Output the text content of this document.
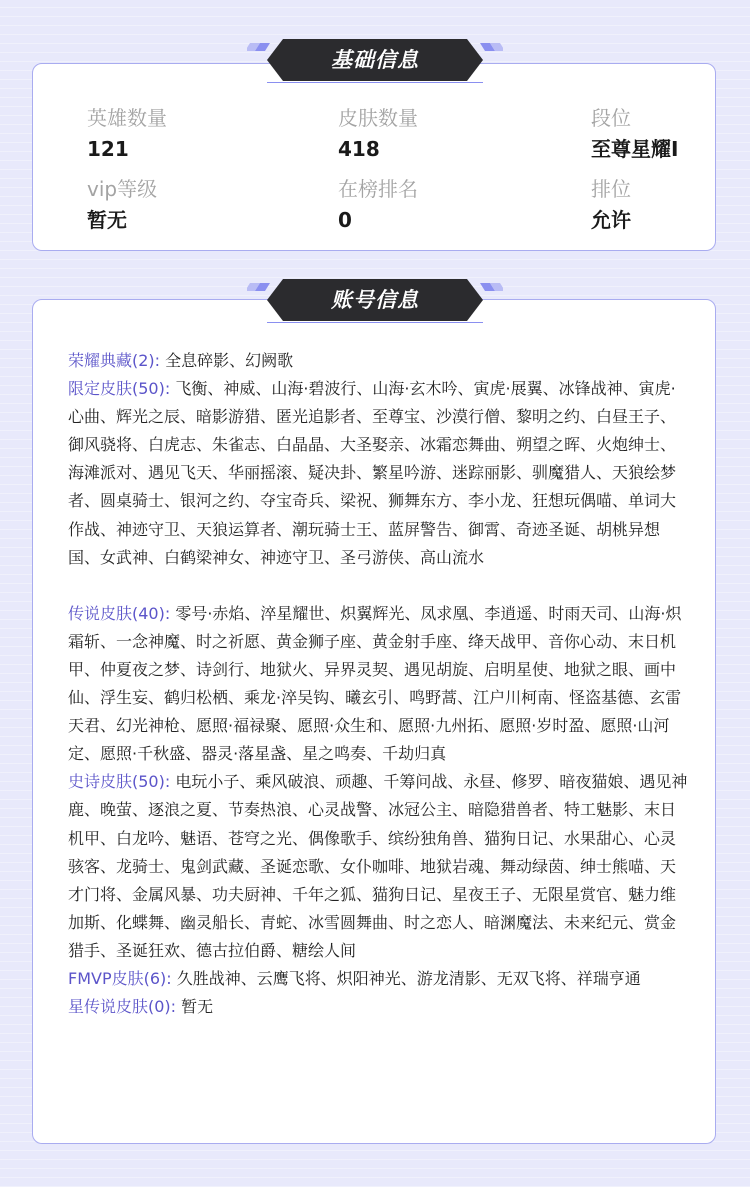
英雄数量
121
皮肤数量
418
段位
至尊星耀I
vip等级
暂无
在榜排名
0
排位
允许
基础信息
账号信息
荣耀典藏(2): 全息碎影、幻阙歌
限定皮肤(50): 飞衡、神威、山海·碧波行、山海·玄木吟、寅虎·展翼、冰锋战神、寅虎·心曲、辉光之辰、暗影游猎、匿光追影者、至尊宝、沙漠行僧、黎明之约、白昼王子、御风骁将、白虎志、朱雀志、白晶晶、大圣娶亲、冰霜恋舞曲、朔望之晖、火炮绅士、海滩派对、遇见飞天、华丽摇滚、疑决卦、繁星吟游、迷踪丽影、驯魔猎人、天狼绘梦者、圆桌骑士、银河之约、夺宝奇兵、梁祝、狮舞东方、李小龙、狂想玩偶喵、单词大作战、神迹守卫、天狼运算者、潮玩骑士王、蓝屏警告、御霄、奇迹圣诞、胡桃异想国、女武神、白鹤梁神女、神迹守卫、圣弓游侠、高山流水
传说皮肤(40): 零号·赤焰、淬星耀世、炽翼辉光、凤求凰、李逍遥、时雨天司、山海·炽霜斩、一念神魔、时之祈愿、黄金狮子座、黄金射手座、绛天战甲、音你心动、末日机甲、仲夏夜之梦、诗剑行、地狱火、异界灵契、遇见胡旋、启明星使、地狱之眼、画中仙、浮生妄、鹤归松栖、乘龙·淬吴钩、曦玄引、鸣野蒿、江户川柯南、怪盗基德、玄雷天君、幻光神枪、愿照·福禄聚、愿照·众生和、愿照·九州拓、愿照·岁时盈、愿照·山河定、愿照·千秋盛、器灵·落星盏、星之鸣奏、千劫归真
史诗皮肤(50): 电玩小子、乘风破浪、顽趣、千筹问战、永昼、修罗、暗夜猫娘、遇见神鹿、晚萤、逐浪之夏、节奏热浪、心灵战警、冰冠公主、暗隐猎兽者、特工魅影、末日机甲、白龙吟、魅语、苍穹之光、偶像歌手、缤纷独角兽、猫狗日记、水果甜心、心灵骇客、龙骑士、鬼剑武藏、圣诞恋歌、女仆咖啡、地狱岩魂、舞动绿茵、绅士熊喵、天才门将、金属风暴、功夫厨神、千年之狐、猫狗日记、星夜王子、无限星赏官、魅力维加斯、化蝶舞、幽灵船长、青蛇、冰雪圆舞曲、时之恋人、暗渊魔法、未来纪元、赏金猎手、圣诞狂欢、德古拉伯爵、糖绘人间
FMVP皮肤(6): 久胜战神、云鹰飞将、炽阳神光、游龙清影、无双飞将、祥瑞亨通
星传说皮肤(0): 暂无
